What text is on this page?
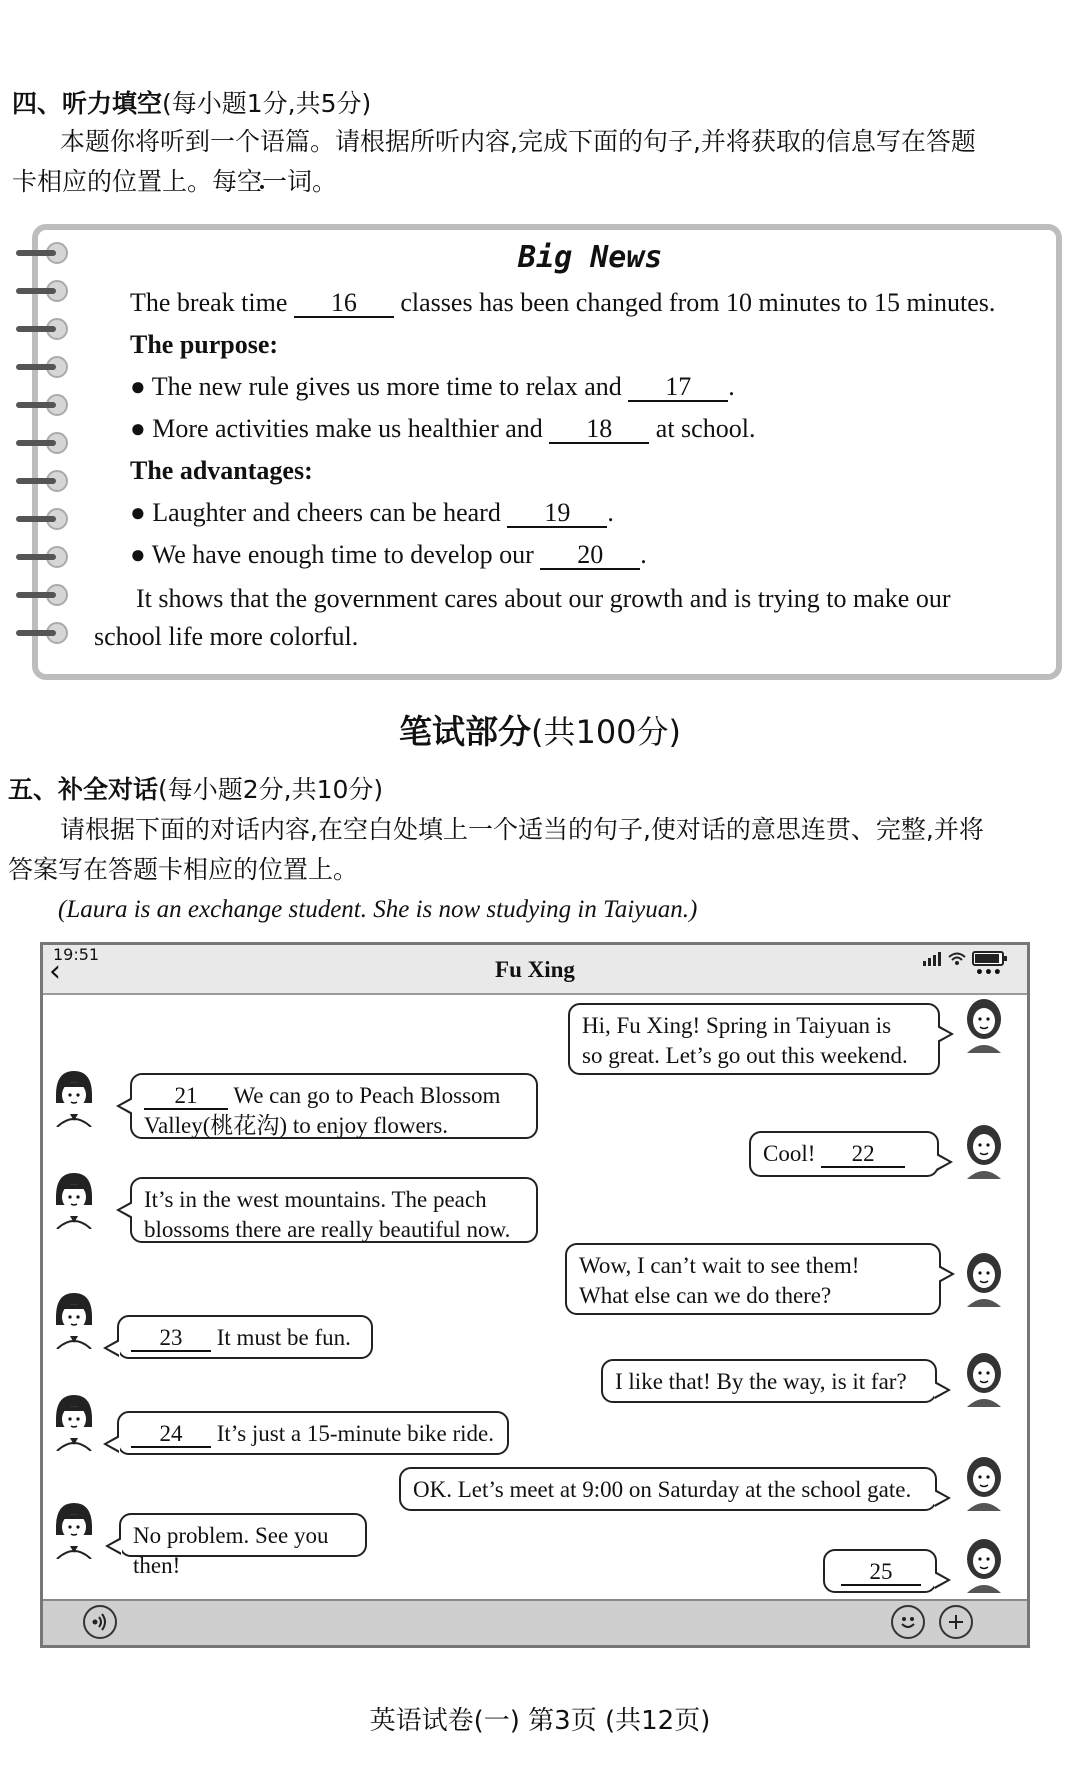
四、听力填空(每小题1分,共5分)
本题你将听到一个语篇。请根据所听内容,完成下面的句子,并将获取的信息写在答题
卡相应的位置上。每空一词 •。
Big News
The break time 16 classes has been changed from 10 minutes to 15 minutes.
The purpose:
● The new rule gives us more time to relax and 17 .
● More activities make us healthier and 18 at school.
The advantages:
● Laughter and cheers can be heard 19 .
● We have enough time to develop our 20 .
It shows that the government cares about our growth and is trying to make our
school life more colorful.
笔试部分(共100分)
五、补全对话(每小题2分,共10分)
请根据下面的对话内容,在空白处填上一个适当的句子,使对话的意思连贯、完整,并将
答案写在答题卡相应的位置上。
(Laura is an exchange student. She is now studying in Taiyuan.)
19:51
‹	Fu Xing	•••
Hi, Fu Xing! Spring in Taiyuan is
so great. Let’s go out this weekend.
21 We can go to Peach Blossom
Valley(桃花沟) to enjoy flowers.
Cool! 22
It’s in the west mountains. The peach
blossoms there are really beautiful now.
Wow, I can’t wait to see them!
What else can we do there?
23 It must be fun.
I like that! By the way, is it far?
24 It’s just a 15-minute bike ride.
OK. Let’s meet at 9:00 on Saturday at the school gate.
No problem. See you then!	25
英语试卷(一) 第3页 (共12页)
